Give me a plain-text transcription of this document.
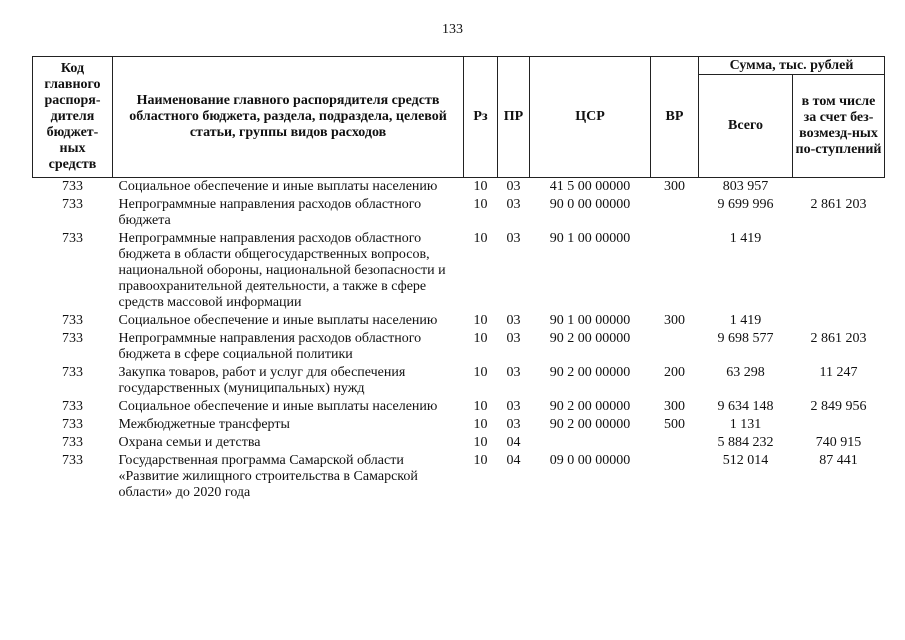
133
Код главного распоря-дителя бюджет-ных средств	Наименование главного распорядителя средств областного бюджета, раздела, подраздела, целевой статьи, группы видов расходов	Рз	ПР	ЦСР	ВР	Сумма, тыс. рублей	
						Всего	в том числе за счет без-возмезд-ных по-ступлений
733	Социальное обеспечение и иные выплаты населению	10	03	41 5 00 00000	300	803 957	
733	Непрограммные направления расходов областного бюджета	10	03	90 0 00 00000		9 699 996	2 861 203
733	Непрограммные направления расходов областного бюджета в области общегосударственных вопросов, национальной обороны, национальной безопасности и правоохранительной деятельности, а также в сфере средств массовой информации	10	03	90 1 00 00000		1 419	
733	Социальное обеспечение и иные выплаты населению	10	03	90 1 00 00000	300	1 419	
733	Непрограммные направления расходов областного бюджета в сфере социальной политики	10	03	90 2 00 00000		9 698 577	2 861 203
733	Закупка товаров, работ и услуг для обеспечения государственных (муниципальных) нужд	10	03	90 2 00 00000	200	63 298	11 247
733	Социальное обеспечение и иные выплаты населению	10	03	90 2 00 00000	300	9 634 148	2 849 956
733	Межбюджетные трансферты	10	03	90 2 00 00000	500	1 131	
733	Охрана семьи и детства	10	04			5 884 232	740 915
733	Государственная программа Самарской области «Развитие жилищного строительства в Самарской области» до 2020 года	10	04	09 0 00 00000		512 014	87 441
